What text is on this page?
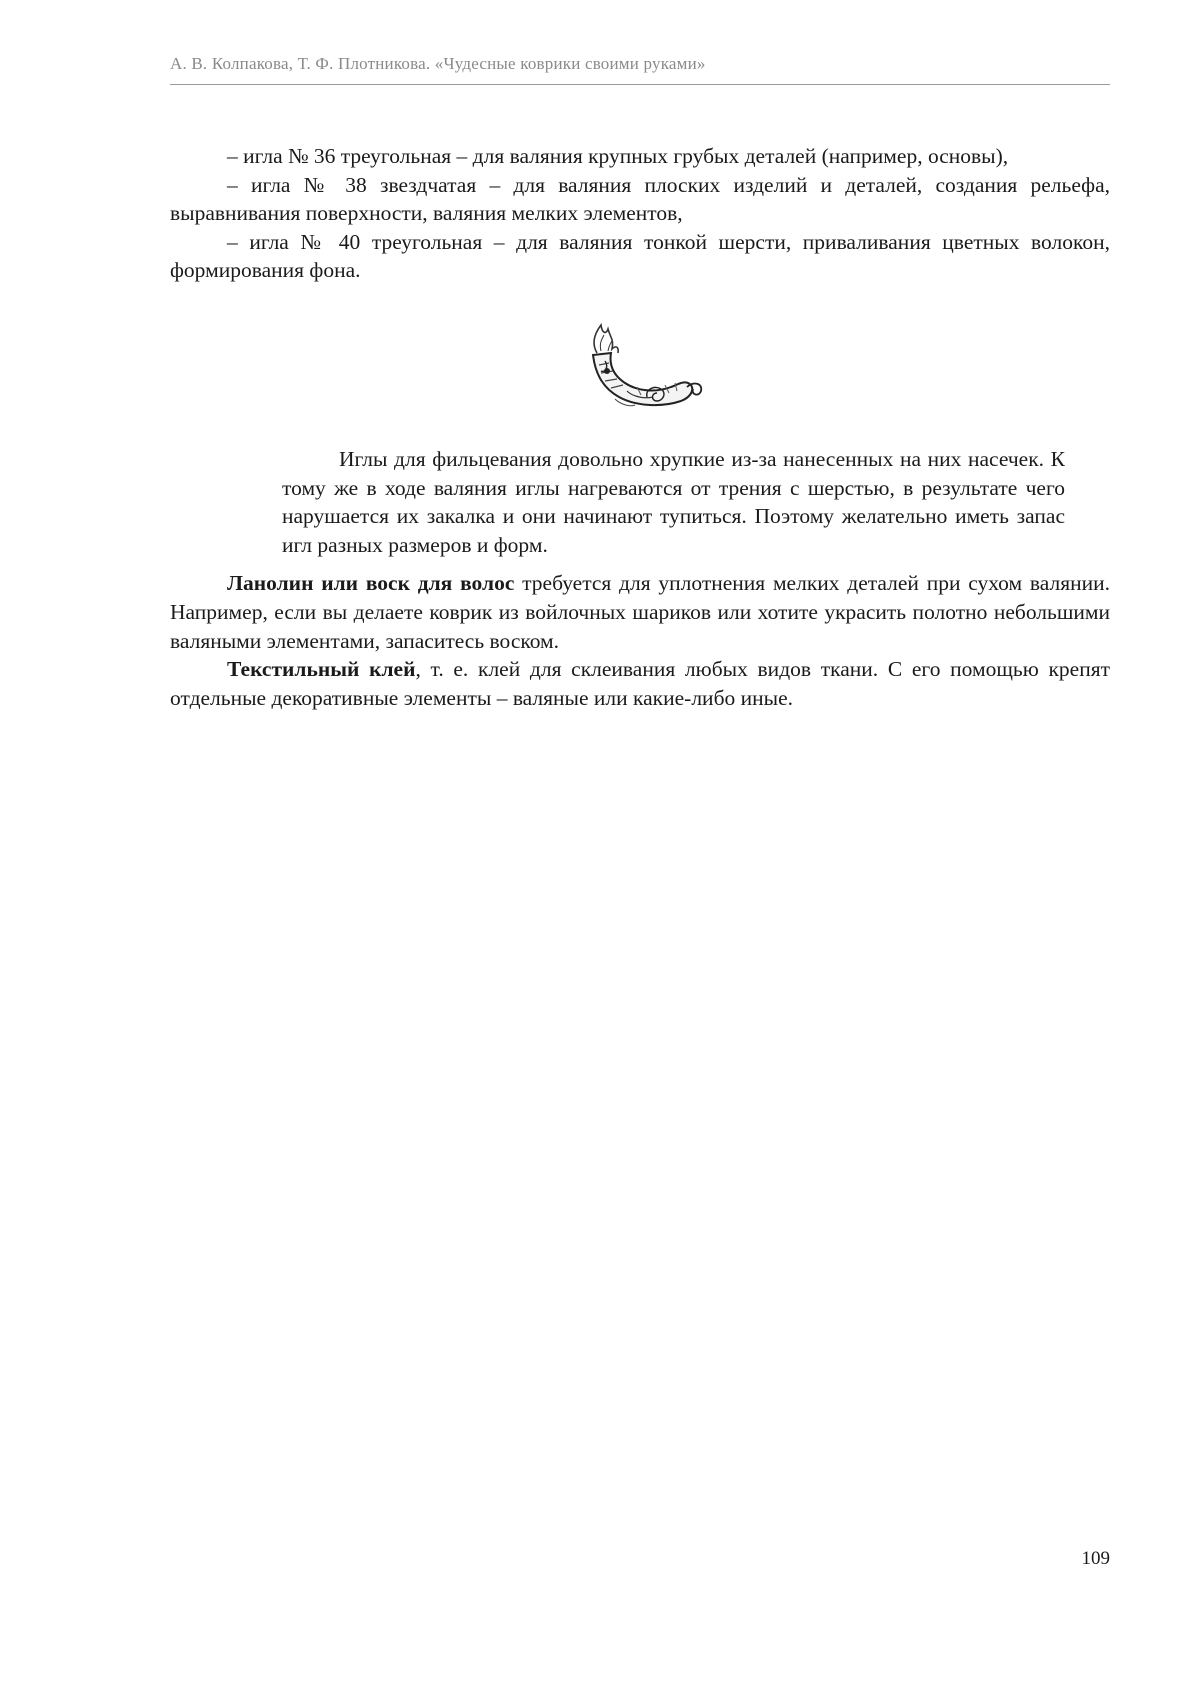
А. В. Колпакова, Т. Ф. Плотникова. «Чудесные коврики своими руками»

– игла № 36 треугольная – для валяния крупных грубых деталей (например, основы),

– игла № 38 звездчатая – для валяния плоских изделий и деталей, создания рельефа, выравнивания поверхности, валяния мелких элементов,

– игла № 40 треугольная – для валяния тонкой шерсти, приваливания цветных волокон, формирования фона.

Иглы для фильцевания довольно хрупкие из-за нанесенных на них насечек. К тому же в ходе валяния иглы нагреваются от трения с шерстью, в результате чего нарушается их закалка и они начинают тупиться. Поэтому желательно иметь запас игл разных размеров и форм.

Ланолин или воск для волос требуется для уплотнения мелких деталей при сухом валянии. Например, если вы делаете коврик из войлочных шариков или хотите украсить полотно небольшими валяными элементами, запаситесь воском.

Текстильный клей, т. е. клей для склеивания любых видов ткани. С его помощью крепят отдельные декоративные элементы – валяные или какие-либо иные.

109
